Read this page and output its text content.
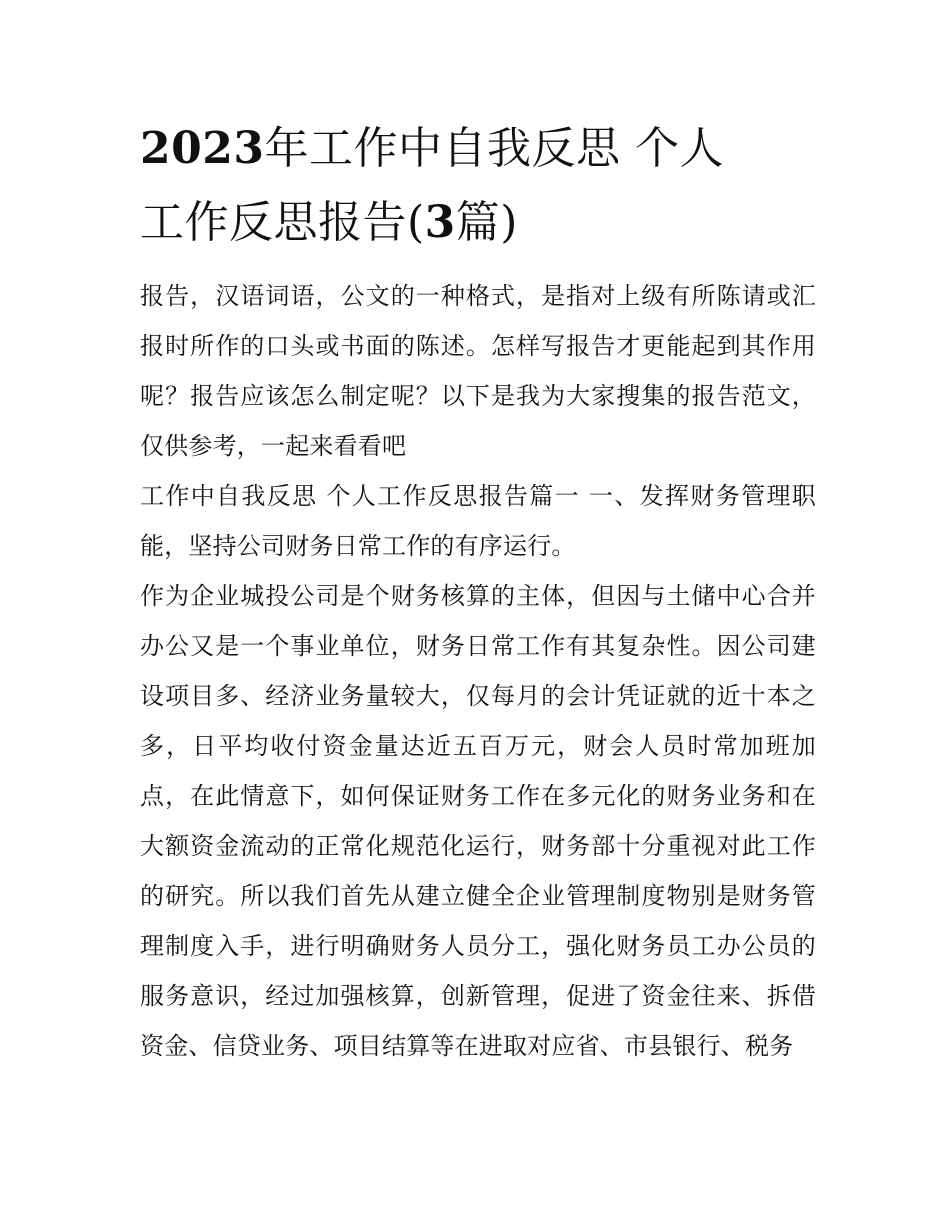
2023年工作中自我反思 个人
工作反思报告(3篇)

报告，汉语词语，公文的一种格式，是指对上级有所陈请或汇报时所作的口头或书面的陈述。怎样写报告才更能起到其作用呢？报告应该怎么制定呢？以下是我为大家搜集的报告范文，仅供参考，一起来看看吧

工作中自我反思 个人工作反思报告篇一 一、发挥财务管理职能，坚持公司财务日常工作的有序运行。

作为企业城投公司是个财务核算的主体，但因与土储中心合并办公又是一个事业单位，财务日常工作有其复杂性。因公司建设项目多、经济业务量较大，仅每月的会计凭证就的近十本之多，日平均收付资金量达近五百万元，财会人员时常加班加点，在此情意下，如何保证财务工作在多元化的财务业务和在大额资金流动的正常化规范化运行，财务部十分重视对此工作的研究。所以我们首先从建立健全企业管理制度物别是财务管理制度入手，进行明确财务人员分工，强化财务员工办公员的服务意识，经过加强核算，创新管理，促进了资金往来、拆借资金、信贷业务、项目结算等在进取对应省、市县银行、税务
